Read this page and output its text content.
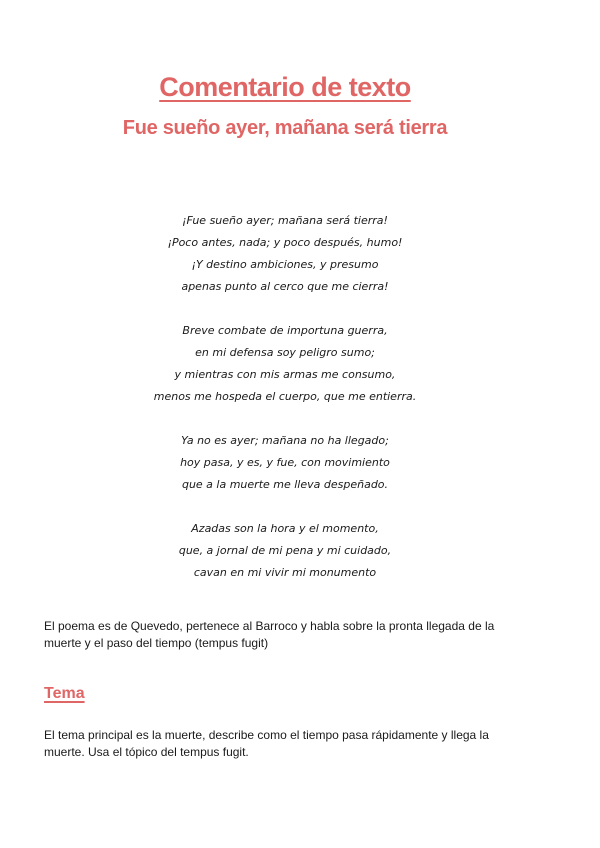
Comentario de texto
Fue sueño ayer, mañana será tierra
¡Fue sueño ayer; mañana será tierra!
¡Poco antes, nada; y poco después, humo!
¡Y destino ambiciones, y presumo
apenas punto al cerco que me cierra!
Breve combate de importuna guerra,
en mi defensa soy peligro sumo;
y mientras con mis armas me consumo,
menos me hospeda el cuerpo, que me entierra.
Ya no es ayer; mañana no ha llegado;
hoy pasa, y es, y fue, con movimiento
que a la muerte me lleva despeñado.
Azadas son la hora y el momento,
que, a jornal de mi pena y mi cuidado,
cavan en mi vivir mi monumento

El poema es de Quevedo, pertenece al Barroco y habla sobre la pronta llegada de la muerte y el paso del tiempo (tempus fugit)

Tema

El tema principal es la muerte, describe como el tiempo pasa rápidamente y llega la muerte. Usa el tópico del tempus fugit.
